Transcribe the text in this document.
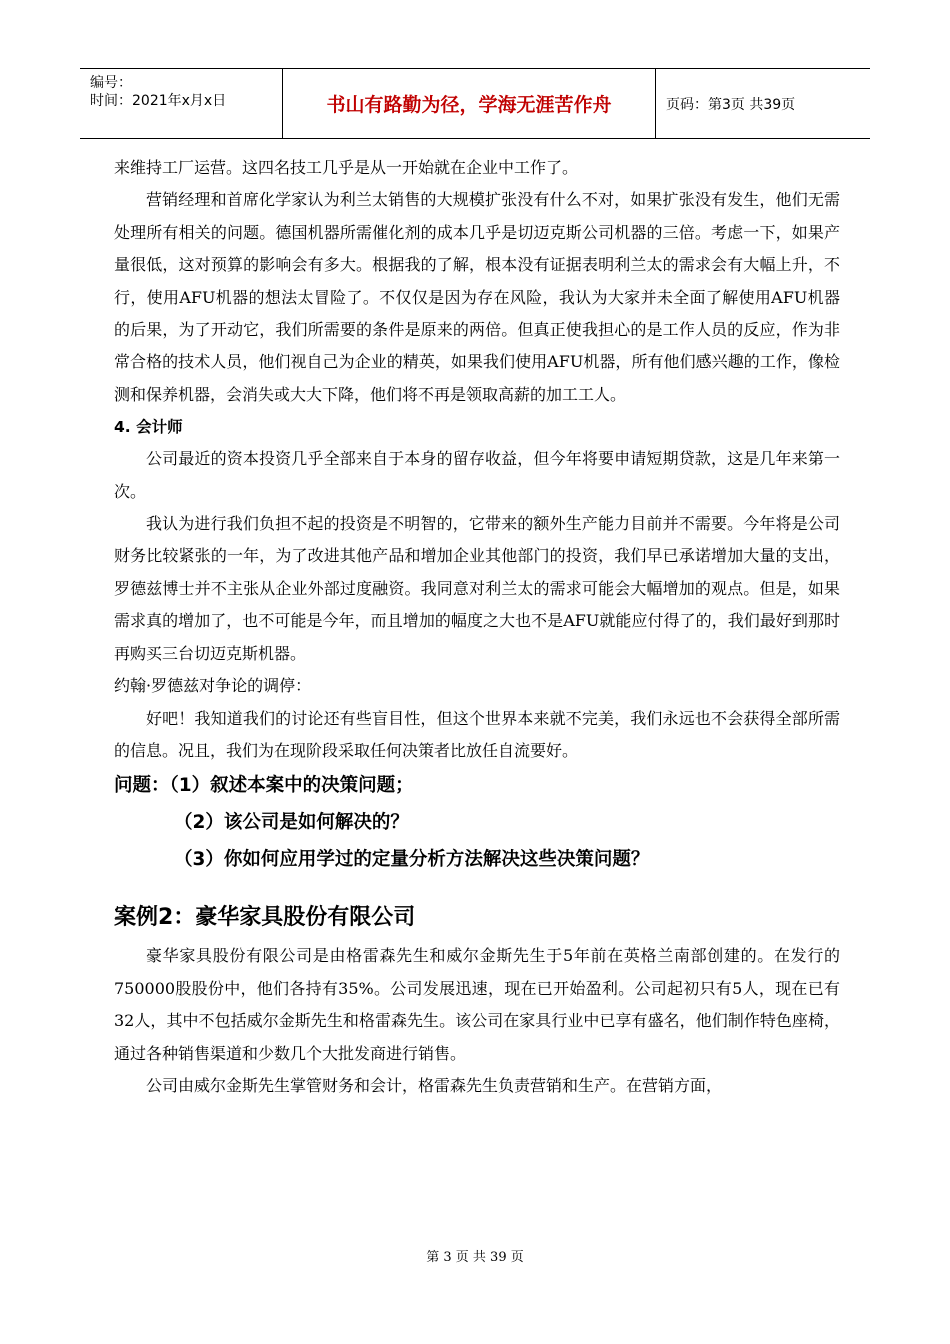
编号：
时间：2021年x月x日	书山有路勤为径，学海无涯苦作舟	页码：第3页 共39页

来维持工厂运营。这四名技工几乎是从一开始就在企业中工作了。

营销经理和首席化学家认为利兰太销售的大规模扩张没有什么不对，如果扩张没有发生，他们无需处理所有相关的问题。德国机器所需催化剂的成本几乎是切迈克斯公司机器的三倍。考虑一下，如果产量很低，这对预算的影响会有多大。根据我的了解，根本没有证据表明利兰太的需求会有大幅上升，不行，使用AFU机器的想法太冒险了。不仅仅是因为存在风险，我认为大家并未全面了解使用AFU机器的后果，为了开动它，我们所需要的条件是原来的两倍。但真正使我担心的是工作人员的反应，作为非常合格的技术人员，他们视自己为企业的精英，如果我们使用AFU机器，所有他们感兴趣的工作，像检测和保养机器，会消失或大大下降，他们将不再是领取高薪的加工工人。

4. 会计师

公司最近的资本投资几乎全部来自于本身的留存收益，但今年将要申请短期贷款，这是几年来第一次。

我认为进行我们负担不起的投资是不明智的，它带来的额外生产能力目前并不需要。今年将是公司财务比较紧张的一年，为了改进其他产品和增加企业其他部门的投资，我们早已承诺增加大量的支出，罗德兹博士并不主张从企业外部过度融资。我同意对利兰太的需求可能会大幅增加的观点。但是，如果需求真的增加了，也不可能是今年，而且增加的幅度之大也不是AFU就能应付得了的，我们最好到那时再购买三台切迈克斯机器。

约翰·罗德兹对争论的调停：

好吧！我知道我们的讨论还有些盲目性，但这个世界本来就不完美，我们永远也不会获得全部所需的信息。况且，我们为在现阶段采取任何决策者比放任自流要好。

问题：（1）叙述本案中的决策问题；

（2）该公司是如何解决的？

（3）你如何应用学过的定量分析方法解决这些决策问题？

案例2：豪华家具股份有限公司

豪华家具股份有限公司是由格雷森先生和威尔金斯先生于5年前在英格兰南部创建的。在发行的750000股股份中，他们各持有35%。公司发展迅速，现在已开始盈利。公司起初只有5人，现在已有32人，其中不包括威尔金斯先生和格雷森先生。该公司在家具行业中已享有盛名，他们制作特色座椅，通过各种销售渠道和少数几个大批发商进行销售。

公司由威尔金斯先生掌管财务和会计，格雷森先生负责营销和生产。在营销方面，

第 3 页 共 39 页
